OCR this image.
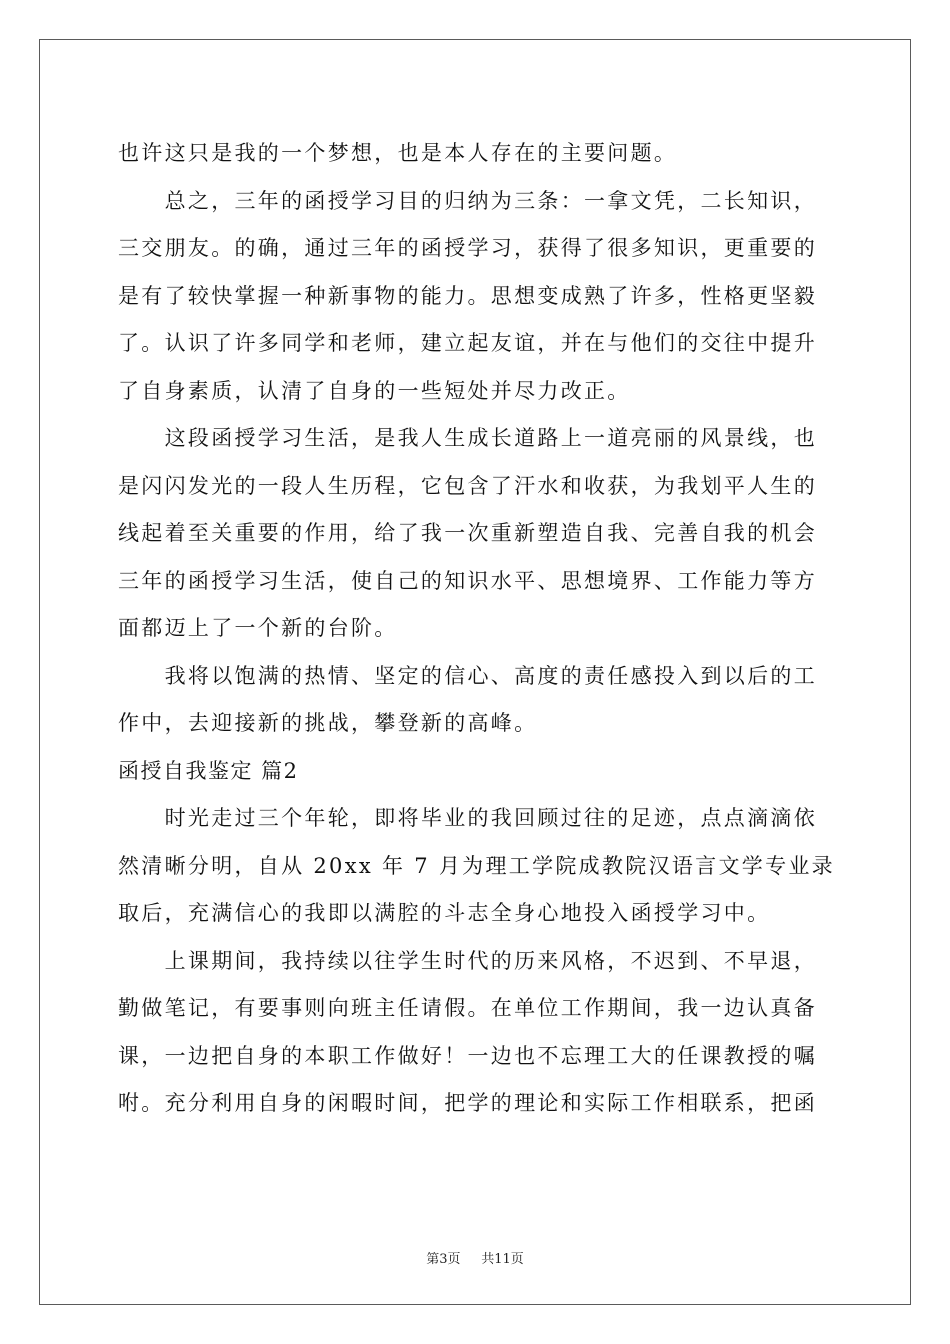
也许这只是我的一个梦想，也是本人存在的主要问题。
　　总之，三年的函授学习目的归纳为三条：一拿文凭，二长知识，
三交朋友。的确，通过三年的函授学习，获得了很多知识，更重要的
是有了较快掌握一种新事物的能力。思想变成熟了许多，性格更坚毅
了。认识了许多同学和老师，建立起友谊，并在与他们的交往中提升
了自身素质，认清了自身的一些短处并尽力改正。
　　这段函授学习生活，是我人生成长道路上一道亮丽的风景线，也
是闪闪发光的一段人生历程，它包含了汗水和收获，为我划平人生的
线起着至关重要的作用，给了我一次重新塑造自我、完善自我的机会
三年的函授学习生活，使自己的知识水平、思想境界、工作能力等方
面都迈上了一个新的台阶。
　　我将以饱满的热情、坚定的信心、高度的责任感投入到以后的工
作中，去迎接新的挑战，攀登新的高峰。
函授自我鉴定 篇2
　　时光走过三个年轮，即将毕业的我回顾过往的足迹，点点滴滴依
然清晰分明，自从 20xx 年 7 月为理工学院成教院汉语言文学专业录
取后，充满信心的我即以满腔的斗志全身心地投入函授学习中。
　　上课期间，我持续以往学生时代的历来风格，不迟到、不早退，
勤做笔记，有要事则向班主任请假。在单位工作期间，我一边认真备
课，一边把自身的本职工作做好！一边也不忘理工大的任课教授的嘱
咐。充分利用自身的闲暇时间，把学的理论和实际工作相联系，把函
第3页 共11页
